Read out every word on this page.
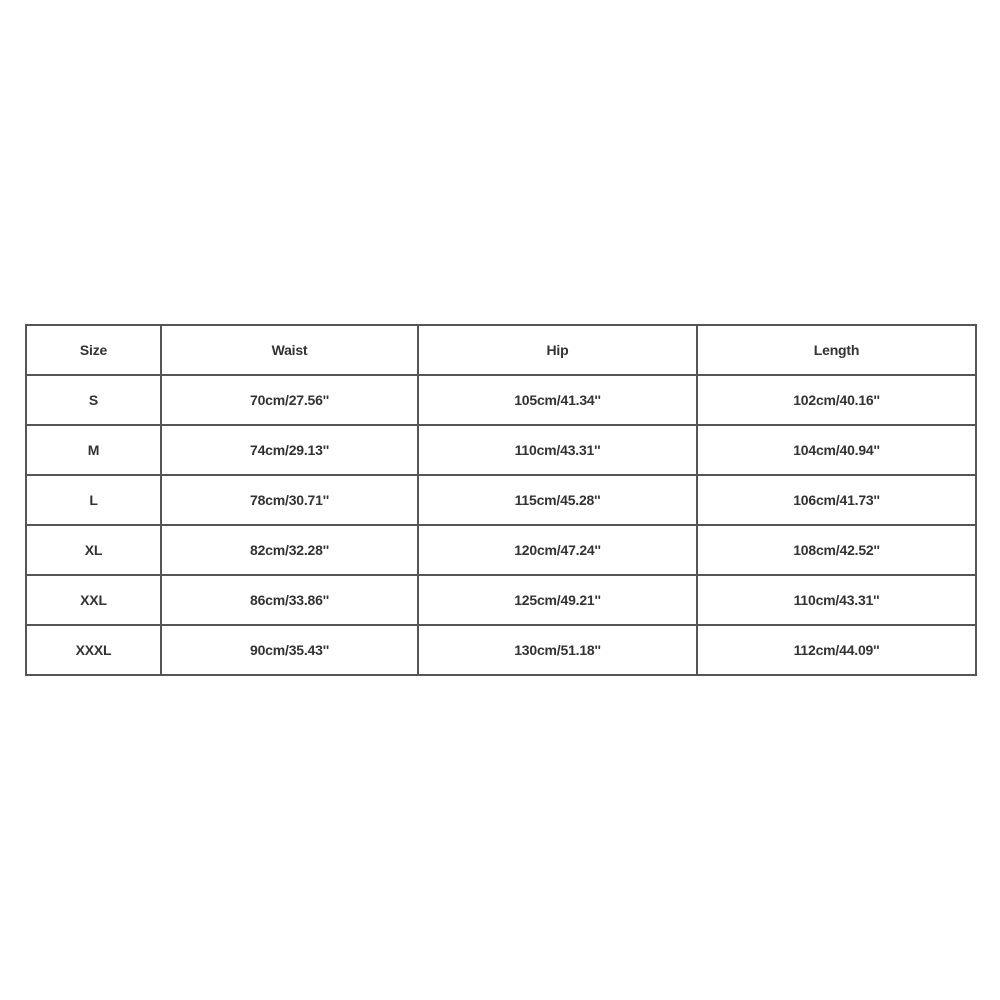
Size	Waist	Hip	Length
S	70cm/27.56''	105cm/41.34''	102cm/40.16''
M	74cm/29.13''	110cm/43.31''	104cm/40.94''
L	78cm/30.71''	115cm/45.28''	106cm/41.73''
XL	82cm/32.28''	120cm/47.24''	108cm/42.52''
XXL	86cm/33.86''	125cm/49.21''	110cm/43.31''
XXXL	90cm/35.43''	130cm/51.18''	112cm/44.09''
